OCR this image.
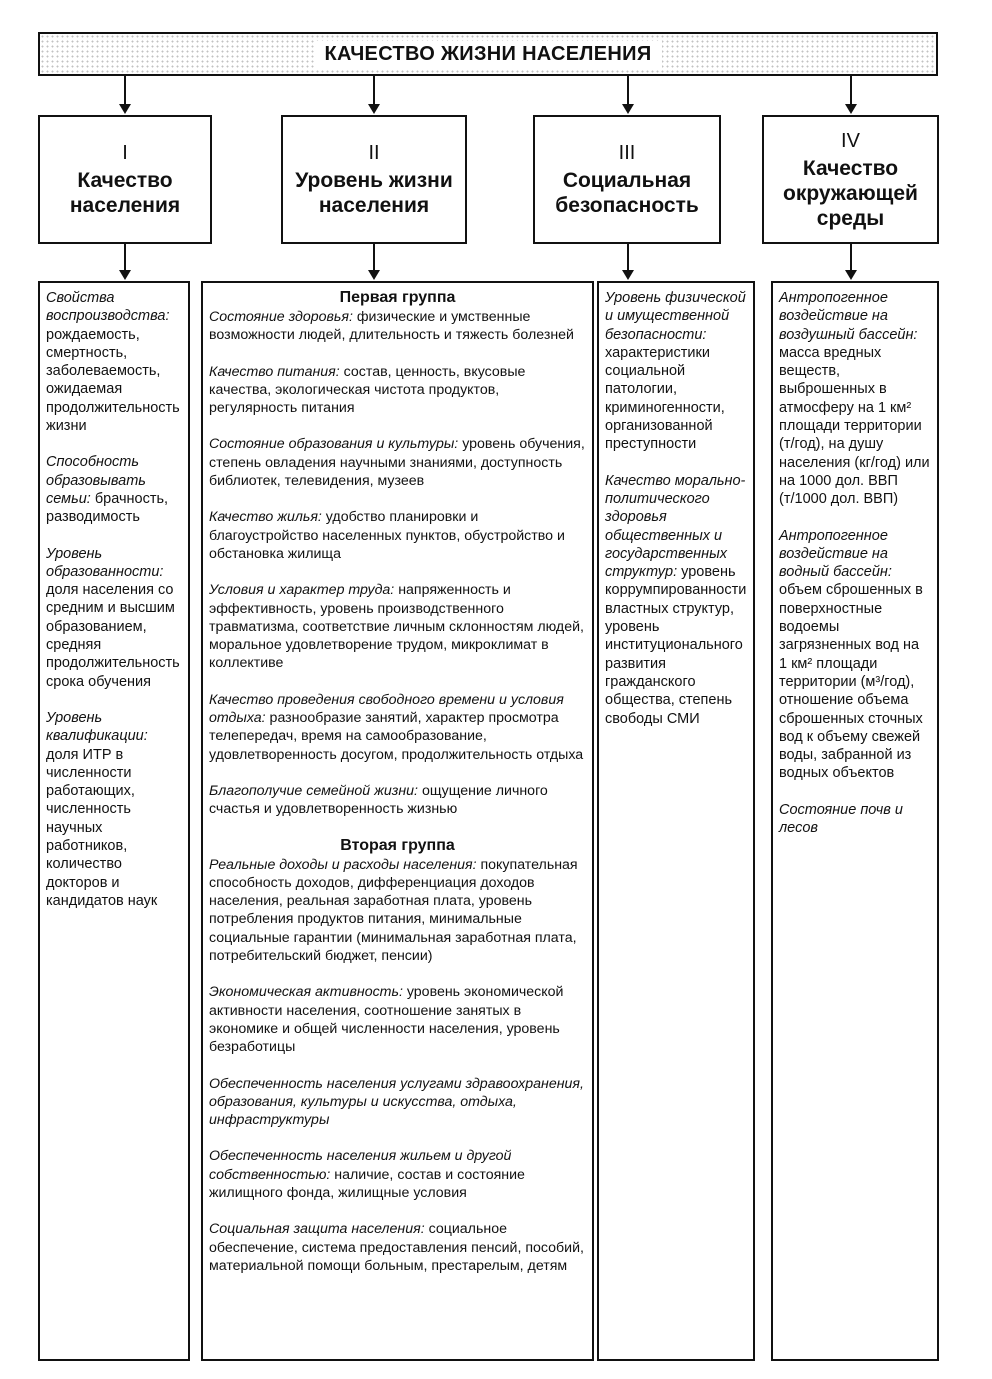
КАЧЕСТВО ЖИЗНИ НАСЕЛЕНИЯ
I
Качество населения
II
Уровень жизни населения
III
Социальная безопасность
IV
Качество окружающей среды
Свойства воспроизводства: рождаемость, смертность, заболеваемость, ожидаемая продолжительность жизни
Способность образовывать семьи: брачность, разводимость
Уровень образованности: доля населения со средним и высшим образованием, средняя продолжительность срока обучения
Уровень квалификации: доля ИТР в численности работающих, численность научных работников, количество докторов и кандидатов наук
Первая группа
Состояние здоровья: физические и умственные возможности людей, длительность и тяжесть болезней
Качество питания: состав, ценность, вкусовые качества, экологическая чистота продуктов, регулярность питания
Состояние образования и культуры: уровень обучения, степень овладения научными знаниями, доступность библиотек, телевидения, музеев
Качество жилья: удобство планировки и благоустройство населенных пунктов, обустройство и обстановка жилища
Условия и характер труда: напряженность и эффективность, уровень производственного травматизма, соответствие личным склонностям людей, моральное удовлетворение трудом, микроклимат в коллективе
Качество проведения свободного времени и условия отдыха: разнообразие занятий, характер просмотра телепередач, время на самообразование, удовлетворенность досугом, продолжительность отдыха
Благополучие семейной жизни: ощущение личного счастья и удовлетворенность жизнью
Вторая группа
Реальные доходы и расходы населения: покупательная способность доходов, дифференциация доходов населения, реальная заработная плата, уровень потребления продуктов питания, минимальные социальные гарантии (минимальная заработная плата, потребительский бюджет, пенсии)
Экономическая активность: уровень экономической активности населения, соотношение занятых в экономике и общей численности населения, уровень безработицы
Обеспеченность населения услугами здравоохранения, образования, культуры и искусства, отдыха, инфраструктуры
Обеспеченность населения жильем и другой собственностью: наличие, состав и состояние жилищного фонда, жилищные условия
Социальная защита населения: социальное обеспечение, система предоставления пенсий, пособий, материальной помощи больным, престарелым, детям
Уровень физической и имущественной безопасности: характеристики социальной патологии, криминогенности, организованной преступности
Качество морально-политического здоровья общественных и государственных структур: уровень коррумпированности властных структур, уровень институционального развития гражданского общества, степень свободы СМИ
Антропогенное воздействие на воздушный бассейн: масса вредных веществ, выброшенных в атмосферу на 1 км² площади территории (т/год), на душу населения (кг/год) или на 1000 дол. ВВП (т/1000 дол. ВВП)
Антропогенное воздействие на водный бассейн: объем сброшенных в поверхностные водоемы загрязненных вод на 1 км² площади территории (м³/год), отношение объема сброшенных сточных вод к объему свежей воды, забранной из водных объектов
Состояние почв и лесов
